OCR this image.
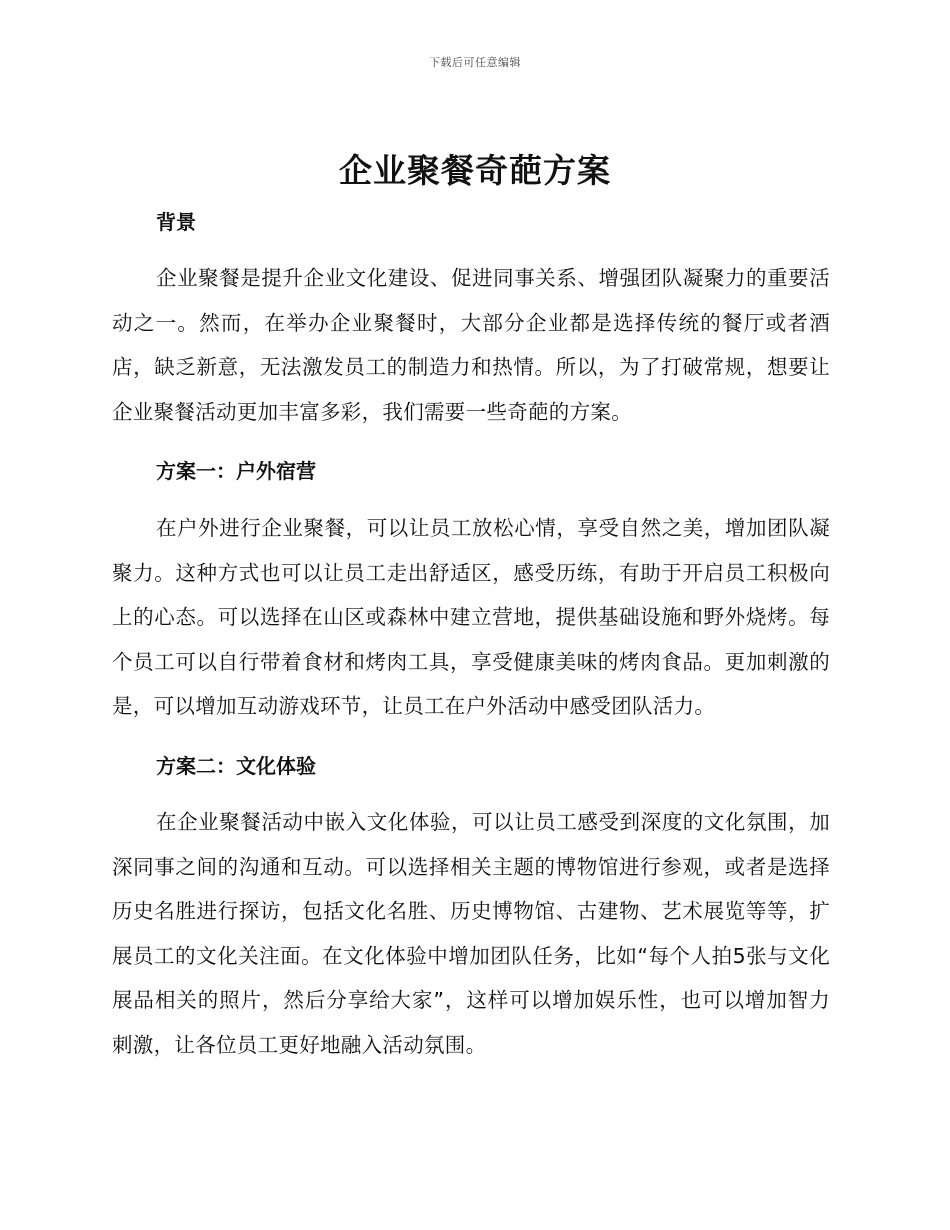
下载后可任意编辑
企业聚餐奇葩方案
背景

企业聚餐是提升企业文化建设、促进同事关系、增强团队凝聚力的重要活动之一。然而，在举办企业聚餐时，大部分企业都是选择传统的餐厅或者酒店，缺乏新意，无法激发员工的制造力和热情。所以，为了打破常规，想要让企业聚餐活动更加丰富多彩，我们需要一些奇葩的方案。

方案一：户外宿营

在户外进行企业聚餐，可以让员工放松心情，享受自然之美，增加团队凝聚力。这种方式也可以让员工走出舒适区，感受历练，有助于开启员工积极向上的心态。可以选择在山区或森林中建立营地，提供基础设施和野外烧烤。每个员工可以自行带着食材和烤肉工具，享受健康美味的烤肉食品。更加刺激的是，可以增加互动游戏环节，让员工在户外活动中感受团队活力。

方案二：文化体验

在企业聚餐活动中嵌入文化体验，可以让员工感受到深度的文化氛围，加深同事之间的沟通和互动。可以选择相关主题的博物馆进行参观，或者是选择历史名胜进行探访，包括文化名胜、历史博物馆、古建物、艺术展览等等，扩展员工的文化关注面。在文化体验中增加团队任务，比如“每个人拍5张与文化展品相关的照片，然后分享给大家”，这样可以增加娱乐性，也可以增加智力刺激，让各位员工更好地融入活动氛围。
